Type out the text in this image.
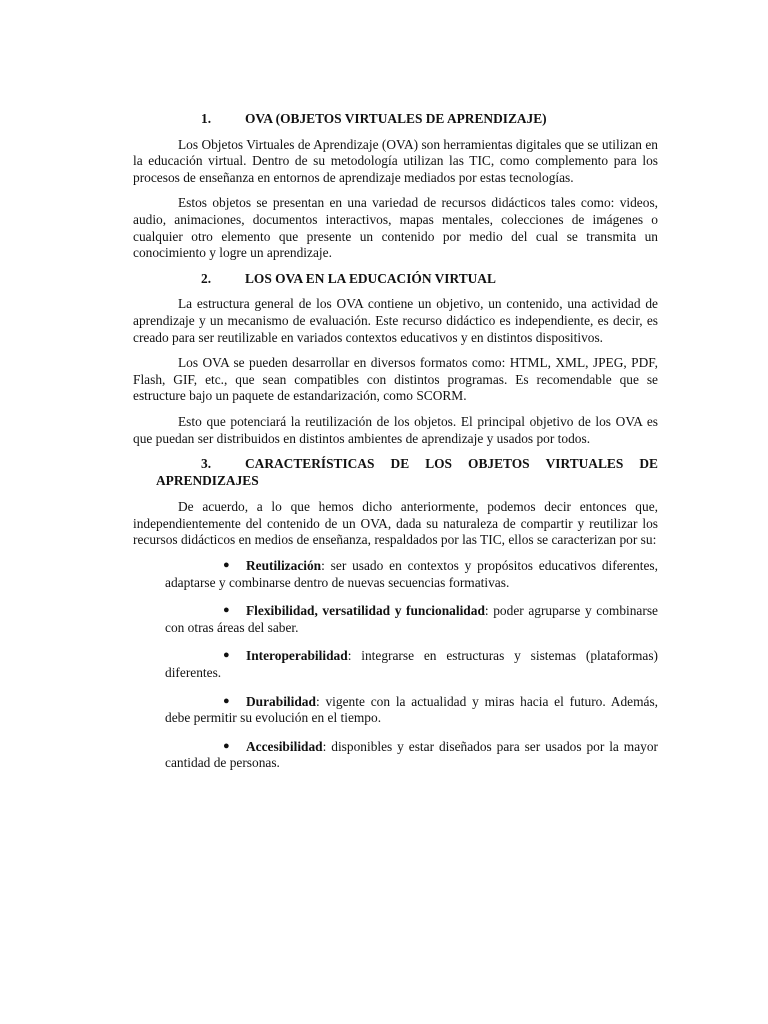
1.	OVA (OBJETOS VIRTUALES DE APRENDIZAJE)

Los Objetos Virtuales de Aprendizaje (OVA) son herramientas digitales que se utilizan en la educación virtual. Dentro de su metodología utilizan las TIC, como complemento para los procesos de enseñanza en entornos de aprendizaje mediados por estas tecnologías.

Estos objetos se presentan en una variedad de recursos didácticos tales como: videos, audio, animaciones, documentos interactivos, mapas mentales, colecciones de imágenes o cualquier otro elemento que presente un contenido por medio del cual se transmita un conocimiento y logre un aprendizaje.

2.	LOS OVA EN LA EDUCACIÓN VIRTUAL

La estructura general de los OVA contiene un objetivo, un contenido, una actividad de aprendizaje y un mecanismo de evaluación. Este recurso didáctico es independiente, es decir, es creado para ser reutilizable en variados contextos educativos y en distintos dispositivos.

Los OVA se pueden desarrollar en diversos formatos como: HTML, XML, JPEG, PDF, Flash, GIF, etc., que sean compatibles con distintos programas. Es recomendable que se estructure bajo un paquete de estandarización, como SCORM.

Esto que potenciará la reutilización de los objetos. El principal objetivo de los OVA es que puedan ser distribuidos en distintos ambientes de aprendizaje y usados por todos.

3.	CARACTERÍSTICAS DE LOS OBJETOS VIRTUALES DE
APRENDIZAJES

De acuerdo, a lo que hemos dicho anteriormente, podemos decir entonces que, independientemente del contenido de un OVA, dada su naturaleza de compartir y reutilizar los recursos didácticos en medios de enseñanza, respaldados por las TIC, ellos se caracterizan por su:

● Reutilización: ser usado en contextos y propósitos educativos diferentes, adaptarse y combinarse dentro de nuevas secuencias formativas.
● Flexibilidad, versatilidad y funcionalidad: poder agruparse y combinarse con otras áreas del saber.
● Interoperabilidad: integrarse en estructuras y sistemas (plataformas) diferentes.
● Durabilidad: vigente con la actualidad y miras hacia el futuro. Además, debe permitir su evolución en el tiempo.
● Accesibilidad: disponibles y estar diseñados para ser usados por la mayor cantidad de personas.
